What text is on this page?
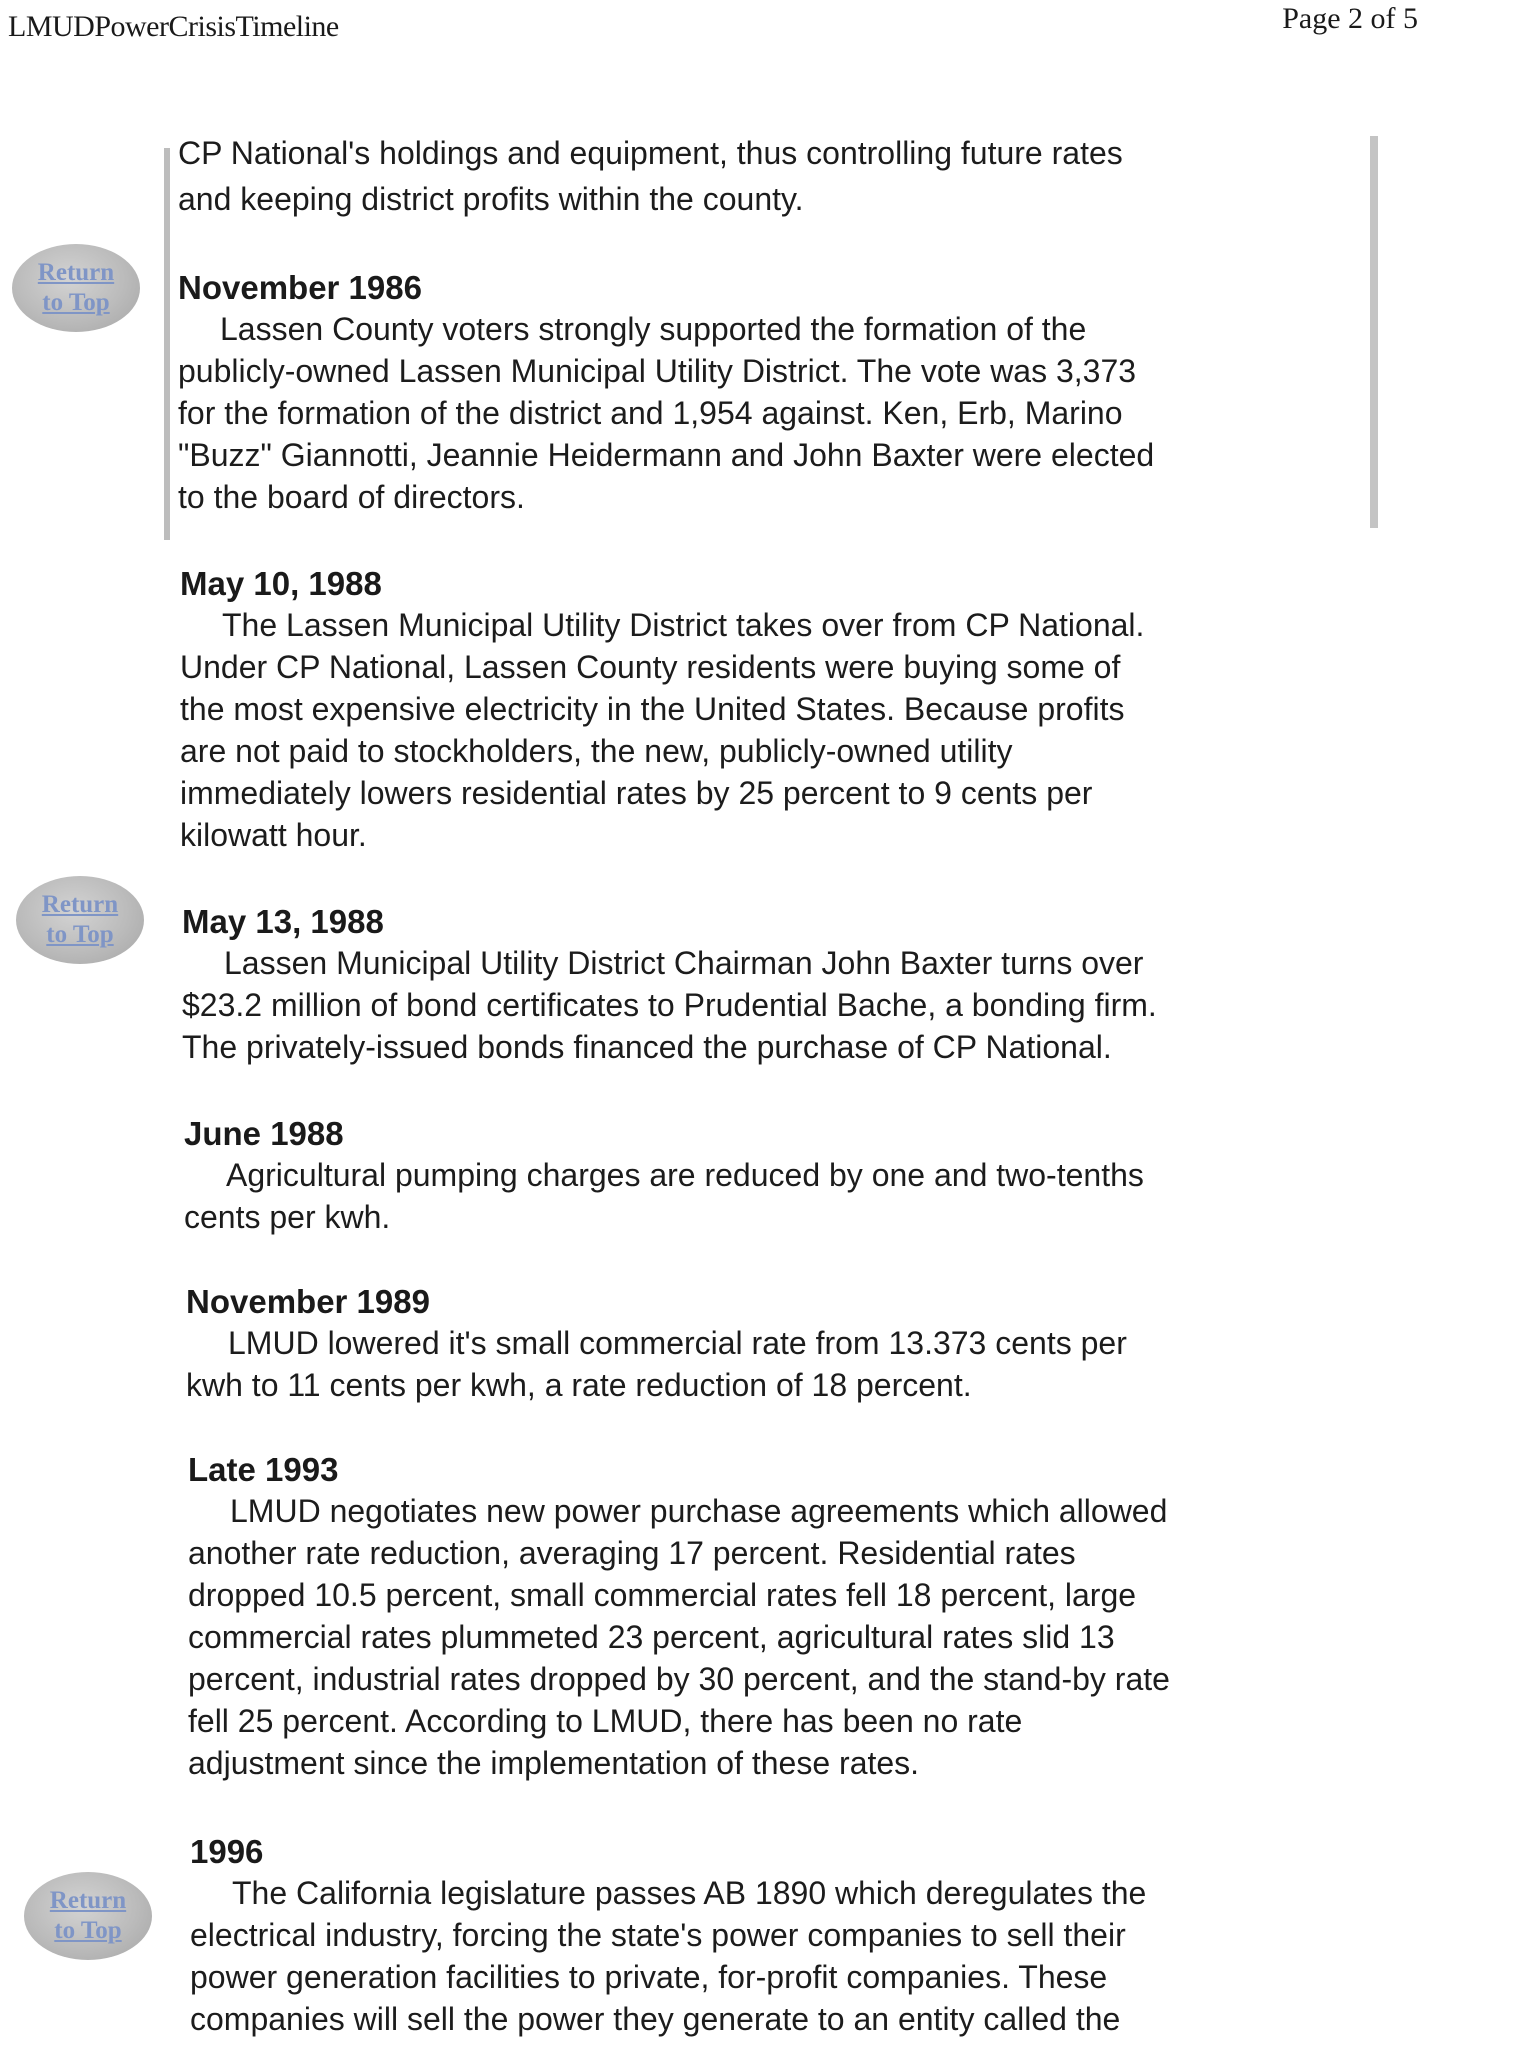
LMUDPowerCrisisTimeline	Page 2 of 5
Return
to Top
Return
to Top
Return
to Top
CP National's holdings and equipment, thus controlling future rates
and keeping district profits within the county.
November 1986
Lassen County voters strongly supported the formation of the
publicly-owned Lassen Municipal Utility District. The vote was 3,373
for the formation of the district and 1,954 against. Ken, Erb, Marino
"Buzz" Giannotti, Jeannie Heidermann and John Baxter were elected
to the board of directors.
May 10, 1988
The Lassen Municipal Utility District takes over from CP National.
Under CP National, Lassen County residents were buying some of
the most expensive electricity in the United States. Because profits
are not paid to stockholders, the new, publicly-owned utility
immediately lowers residential rates by 25 percent to 9 cents per
kilowatt hour.
May 13, 1988
Lassen Municipal Utility District Chairman John Baxter turns over
$23.2 million of bond certificates to Prudential Bache, a bonding firm.
The privately-issued bonds financed the purchase of CP National.
June 1988
Agricultural pumping charges are reduced by one and two-tenths
cents per kwh.
November 1989
LMUD lowered it's small commercial rate from 13.373 cents per
kwh to 11 cents per kwh, a rate reduction of 18 percent.
Late 1993
LMUD negotiates new power purchase agreements which allowed
another rate reduction, averaging 17 percent. Residential rates
dropped 10.5 percent, small commercial rates fell 18 percent, large
commercial rates plummeted 23 percent, agricultural rates slid 13
percent, industrial rates dropped by 30 percent, and the stand-by rate
fell 25 percent. According to LMUD, there has been no rate
adjustment since the implementation of these rates.
1996
The California legislature passes AB 1890 which deregulates the
electrical industry, forcing the state's power companies to sell their
power generation facilities to private, for-profit companies. These
companies will sell the power they generate to an entity called the
